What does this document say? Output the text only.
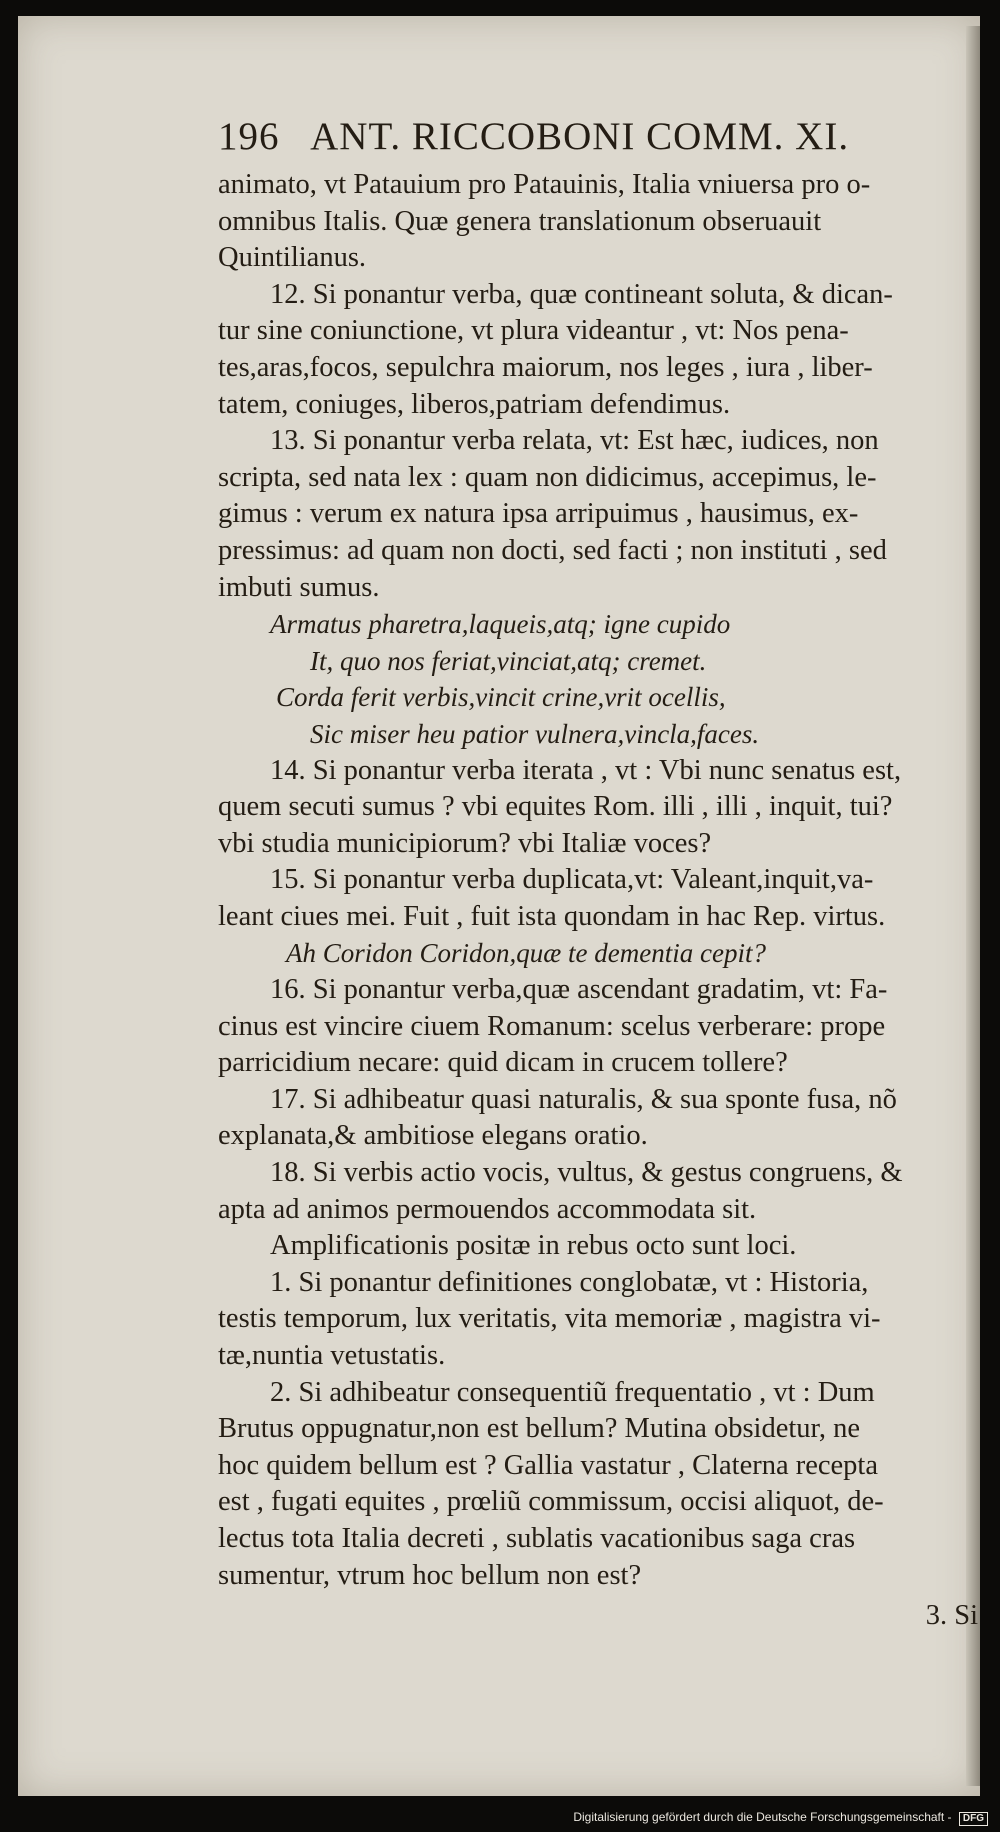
196 ANT. RICCOBONI COMM. XI.
animato, vt Patauium pro Patauinis, Italia vniuersa pro o-
omnibus Italis. Quæ genera translationum obseruauit
Quintilianus.
12. Si ponantur verba, quæ contineant soluta, & dican-
tur sine coniunctione, vt plura videantur , vt: Nos pena-
tes,aras,focos, sepulchra maiorum, nos leges , iura , liber-
tatem, coniuges, liberos,patriam defendimus.
13. Si ponantur verba relata, vt: Est hæc, iudices, non
scripta, sed nata lex : quam non didicimus, accepimus, le-
gimus : verum ex natura ipsa arripuimus , hausimus, ex-
pressimus: ad quam non docti, sed facti ; non instituti , sed
imbuti sumus.
Armatus pharetra,laqueis,atq; igne cupido
It, quo nos feriat,vinciat,atq; cremet.
Corda ferit verbis,vincit crine,vrit ocellis,
Sic miser heu patior vulnera,vincla,faces.
14. Si ponantur verba iterata , vt : Vbi nunc senatus est,
quem secuti sumus ? vbi equites Rom. illi , illi , inquit, tui?
vbi studia municipiorum? vbi Italiæ voces?
15. Si ponantur verba duplicata,vt: Valeant,inquit,va-
leant ciues mei. Fuit , fuit ista quondam in hac Rep. virtus.
Ah Coridon Coridon,quæ te dementia cepit?
16. Si ponantur verba,quæ ascendant gradatim, vt: Fa-
cinus est vincire ciuem Romanum: scelus verberare: prope
parricidium necare: quid dicam in crucem tollere?
17. Si adhibeatur quasi naturalis, & sua sponte fusa, nõ
explanata,& ambitiose elegans oratio.
18. Si verbis actio vocis, vultus, & gestus congruens, &
apta ad animos permouendos accommodata sit.
Amplificationis positæ in rebus octo sunt loci.
1. Si ponantur definitiones conglobatæ, vt : Historia,
testis temporum, lux veritatis, vita memoriæ , magistra vi-
tæ,nuntia vetustatis.
2. Si adhibeatur consequentiũ frequentatio , vt : Dum
Brutus oppugnatur,non est bellum? Mutina obsidetur, ne
hoc quidem bellum est ? Gallia vastatur , Claterna recepta
est , fugati equites , prœliũ commissum, occisi aliquot, de-
lectus tota Italia decreti , sublatis vacationibus saga cras
sumentur, vtrum hoc bellum non est?
3. Si
Digitalisierung gefördert durch die Deutsche Forschungsgemeinschaft - DFG
